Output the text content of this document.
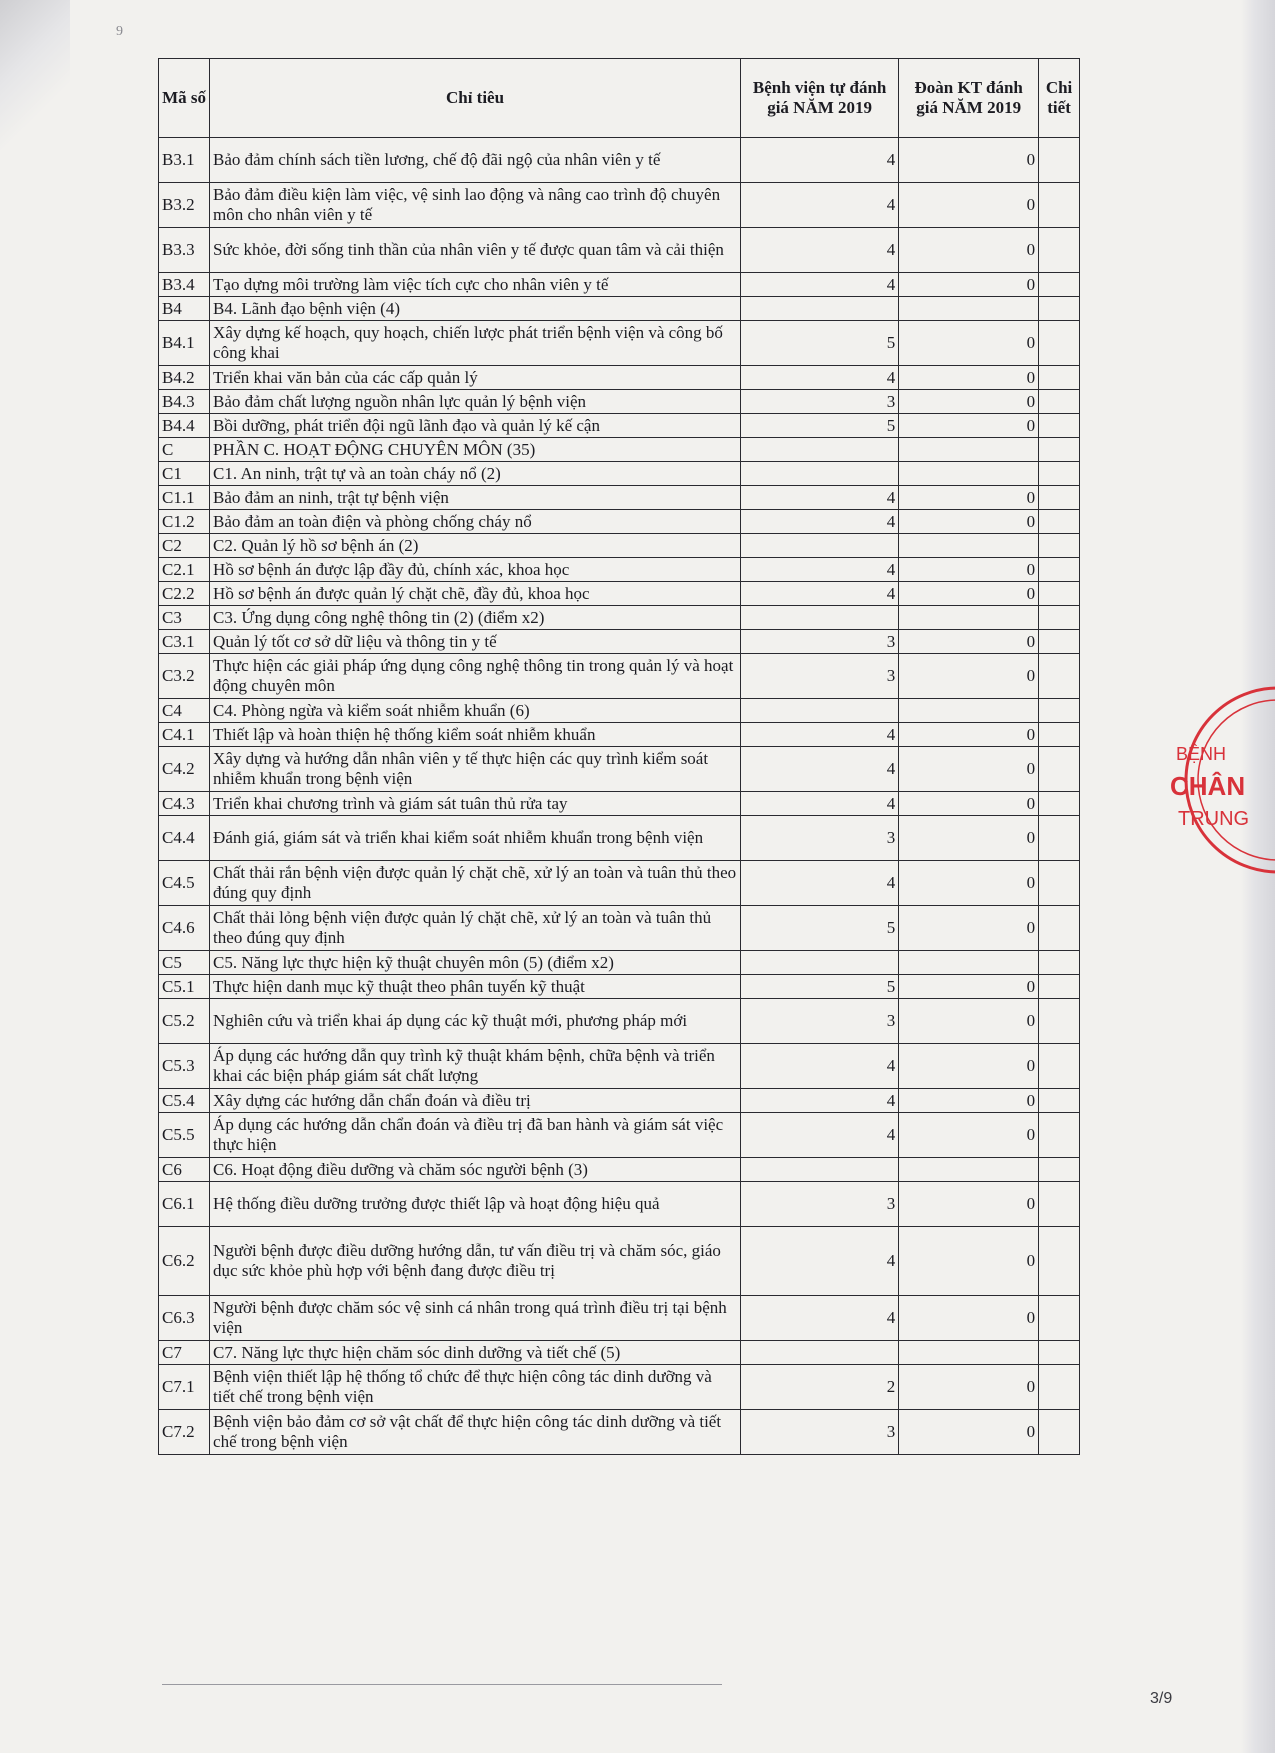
9
Mã số	Chỉ tiêu	Bệnh viện tự đánh giá NĂM 2019	Đoàn KT đánh giá NĂM 2019	Chi tiết
B3.1	Bảo đảm chính sách tiền lương, chế độ đãi ngộ của nhân viên y tế	4	0	
B3.2	Bảo đảm điều kiện làm việc, vệ sinh lao động và nâng cao trình độ chuyên môn cho nhân viên y tế	4	0	
B3.3	Sức khỏe, đời sống tinh thần của nhân viên y tế được quan tâm và cải thiện	4	0	
B3.4	Tạo dựng môi trường làm việc tích cực cho nhân viên y tế	4	0	
B4	B4. Lãnh đạo bệnh viện (4)			
B4.1	Xây dựng kế hoạch, quy hoạch, chiến lược phát triển bệnh viện và công bố công khai	5	0	
B4.2	Triển khai văn bản của các cấp quản lý	4	0	
B4.3	Bảo đảm chất lượng nguồn nhân lực quản lý bệnh viện	3	0	
B4.4	Bồi dưỡng, phát triển đội ngũ lãnh đạo và quản lý kế cận	5	0	
C	PHẦN C. HOẠT ĐỘNG CHUYÊN MÔN (35)			
C1	C1. An ninh, trật tự và an toàn cháy nổ (2)			
C1.1	Bảo đảm an ninh, trật tự bệnh viện	4	0	
C1.2	Bảo đảm an toàn điện và phòng chống cháy nổ	4	0	
C2	C2. Quản lý hồ sơ bệnh án (2)			
C2.1	Hồ sơ bệnh án được lập đầy đủ, chính xác, khoa học	4	0	
C2.2	Hồ sơ bệnh án được quản lý chặt chẽ, đầy đủ, khoa học	4	0	
C3	C3. Ứng dụng công nghệ thông tin (2) (điểm x2)			
C3.1	Quản lý tốt cơ sở dữ liệu và thông tin y tế	3	0	
C3.2	Thực hiện các giải pháp ứng dụng công nghệ thông tin trong quản lý và hoạt động chuyên môn	3	0	
C4	C4. Phòng ngừa và kiểm soát nhiễm khuẩn (6)			
C4.1	Thiết lập và hoàn thiện hệ thống kiểm soát nhiễm khuẩn	4	0	
C4.2	Xây dựng và hướng dẫn nhân viên y tế thực hiện các quy trình kiểm soát nhiễm khuẩn trong bệnh viện	4	0	
C4.3	Triển khai chương trình và giám sát tuân thủ rửa tay	4	0	
C4.4	Đánh giá, giám sát và triển khai kiểm soát nhiễm khuẩn trong bệnh viện	3	0	
C4.5	Chất thải rắn bệnh viện được quản lý chặt chẽ, xử lý an toàn và tuân thủ theo đúng quy định	4	0	
C4.6	Chất thải lỏng bệnh viện được quản lý chặt chẽ, xử lý an toàn và tuân thủ theo đúng quy định	5	0	
C5	C5. Năng lực thực hiện kỹ thuật chuyên môn (5) (điểm x2)			
C5.1	Thực hiện danh mục kỹ thuật theo phân tuyến kỹ thuật	5	0	
C5.2	Nghiên cứu và triển khai áp dụng các kỹ thuật mới, phương pháp mới	3	0	
C5.3	Áp dụng các hướng dẫn quy trình kỹ thuật khám bệnh, chữa bệnh và triển khai các biện pháp giám sát chất lượng	4	0	
C5.4	Xây dựng các hướng dẫn chẩn đoán và điều trị	4	0	
C5.5	Áp dụng các hướng dẫn chẩn đoán và điều trị đã ban hành và giám sát việc thực hiện	4	0	
C6	C6. Hoạt động điều dưỡng và chăm sóc người bệnh (3)			
C6.1	Hệ thống điều dưỡng trưởng được thiết lập và hoạt động hiệu quả	3	0	
C6.2	Người bệnh được điều dưỡng hướng dẫn, tư vấn điều trị và chăm sóc, giáo dục sức khỏe phù hợp với bệnh đang được điều trị	4	0	
C6.3	Người bệnh được chăm sóc vệ sinh cá nhân trong quá trình điều trị tại bệnh viện	4	0	
C7	C7. Năng lực thực hiện chăm sóc dinh dưỡng và tiết chế (5)			
C7.1	Bệnh viện thiết lập hệ thống tổ chức để thực hiện công tác dinh dưỡng và tiết chế trong bệnh viện	2	0	
C7.2	Bệnh viện bảo đảm cơ sở vật chất để thực hiện công tác dinh dưỡng và tiết chế trong bệnh viện	3	0	
BỆNH
CHÂN
TRUNG
3/9
